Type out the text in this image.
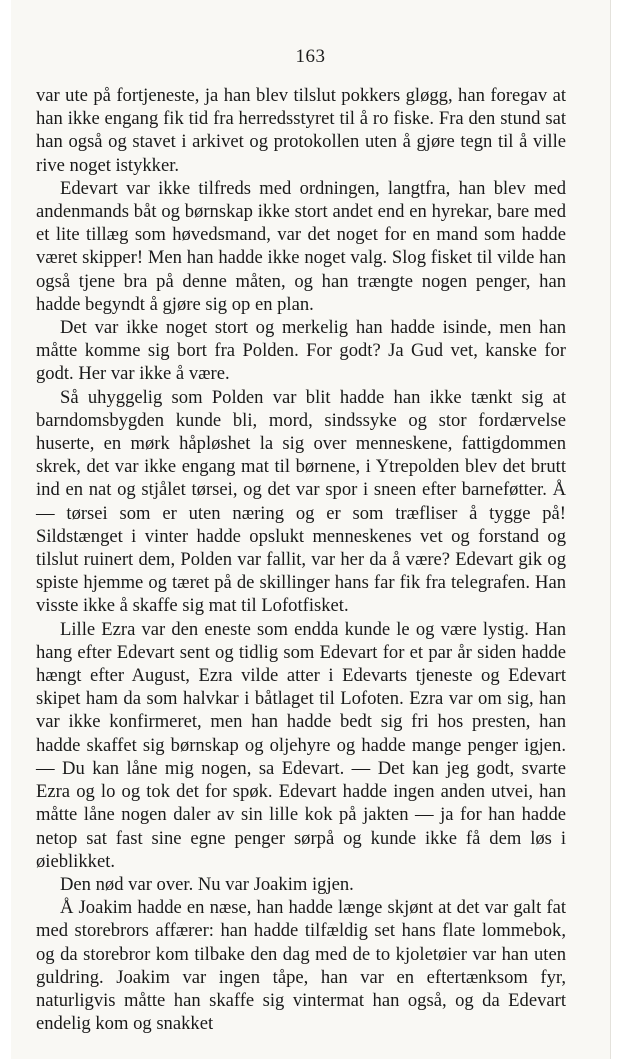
163

var ute på fortjeneste, ja han blev tilslut pokkers gløgg, han foregav at han ikke engang fik tid fra herredsstyret til å ro fiske. Fra den stund sat han også og stavet i arkivet og protokollen uten å gjøre tegn til å ville rive noget istykker.

Edevart var ikke tilfreds med ordningen, langtfra, han blev med andenmands båt og børnskap ikke stort andet end en hyrekar, bare med et lite tillæg som høvedsmand, var det noget for en mand som hadde været skipper! Men han hadde ikke noget valg. Slog fisket til vilde han også tjene bra på denne måten, og han trængte nogen penger, han hadde begyndt å gjøre sig op en plan.

Det var ikke noget stort og merkelig han hadde isinde, men han måtte komme sig bort fra Polden. For godt? Ja Gud vet, kanske for godt. Her var ikke å være.

Så uhyggelig som Polden var blit hadde han ikke tænkt sig at barndomsbygden kunde bli, mord, sindssyke og stor fordærvelse huserte, en mørk håpløshet la sig over menneskene, fattigdommen skrek, det var ikke engang mat til børnene, i Ytrepolden blev det brutt ind en nat og stjålet tørsei, og det var spor i sneen efter barneføtter. Å — tørsei som er uten næring og er som træfliser å tygge på! Sildstænget i vinter hadde opslukt menneskenes vet og forstand og tilslut ruinert dem, Polden var fallit, var her da å være? Edevart gik og spiste hjemme og tæret på de skillinger hans far fik fra telegrafen. Han visste ikke å skaffe sig mat til Lofotfisket.

Lille Ezra var den eneste som endda kunde le og være lystig. Han hang efter Edevart sent og tidlig som Edevart for et par år siden hadde hængt efter August, Ezra vilde atter i Edevarts tjeneste og Edevart skipet ham da som halvkar i båtlaget til Lofoten. Ezra var om sig, han var ikke konfirmeret, men han hadde bedt sig fri hos presten, han hadde skaffet sig børnskap og oljehyre og hadde mange penger igjen. — Du kan låne mig nogen, sa Edevart. — Det kan jeg godt, svarte Ezra og lo og tok det for spøk. Edevart hadde ingen anden utvei, han måtte låne nogen daler av sin lille kok på jakten — ja for han hadde netop sat fast sine egne penger sørpå og kunde ikke få dem løs i øieblikket.

Den nød var over. Nu var Joakim igjen.

Å Joakim hadde en næse, han hadde længe skjønt at det var galt fat med storebrors affærer: han hadde tilfældig set hans flate lommebok, og da storebror kom tilbake den dag med de to kjoletøier var han uten guldring. Joakim var ingen tåpe, han var en eftertænksom fyr, naturligvis måtte han skaffe sig vintermat han også, og da Edevart endelig kom og snakket
